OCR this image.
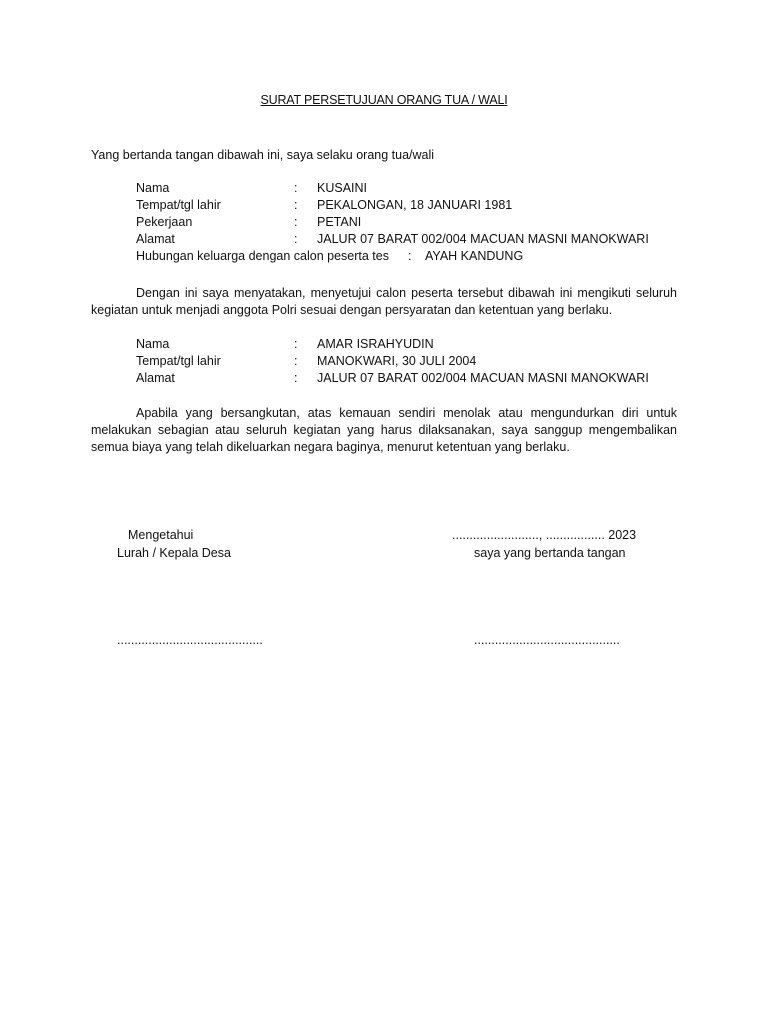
SURAT PERSETUJUAN ORANG TUA / WALI
Yang bertanda tangan dibawah ini, saya selaku orang tua/wali
Nama	: KUSAINI
Tempat/tgl lahir	: PEKALONGAN, 18 JANUARI 1981
Pekerjaan	: PETANI
Alamat	: JALUR 07 BARAT 002/004 MACUAN MASNI MANOKWARI
Hubungan keluarga dengan calon peserta tes : AYAH KANDUNG
Dengan ini saya menyatakan, menyetujui calon peserta tersebut dibawah ini mengikuti seluruh kegiatan untuk menjadi anggota Polri sesuai dengan persyaratan dan ketentuan yang berlaku.
Nama	: AMAR ISRAHYUDIN
Tempat/tgl lahir	: MANOKWARI, 30 JULI 2004
Alamat	: JALUR 07 BARAT 002/004 MACUAN MASNI MANOKWARI
Apabila yang bersangkutan, atas kemauan sendiri menolak atau mengundurkan diri untuk melakukan sebagian atau seluruh kegiatan yang harus dilaksanakan, saya sanggup mengembalikan semua biaya yang telah dikeluarkan negara baginya, menurut ketentuan yang berlaku.
Mengetahui
Lurah / Kepala Desa
........................., ................. 2023
saya yang bertanda tangan
..........................................	..........................................
